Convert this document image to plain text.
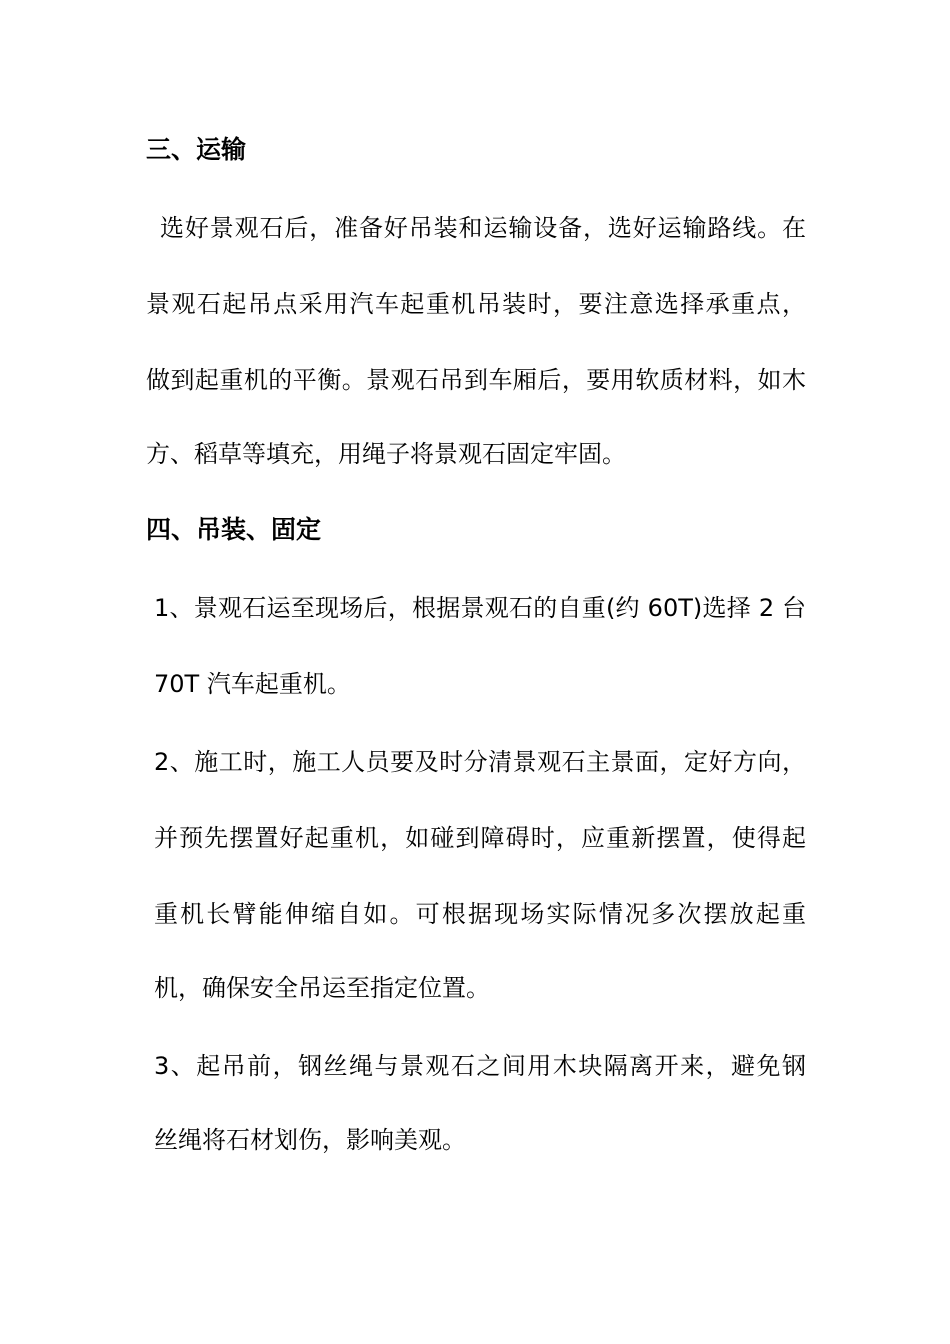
三、运输
选好景观石后，准备好吊装和运输设备，选好运输路线。在
景观石起吊点采用汽车起重机吊装时，要注意选择承重点，
做到起重机的平衡。景观石吊到车厢后，要用软质材料，如木
方、稻草等填充，用绳子将景观石固定牢固。
四、吊装、固定
1、景观石运至现场后，根据景观石的自重(约 60T)选择 2 台
70T 汽车起重机。
2、施工时，施工人员要及时分清景观石主景面，定好方向，
并预先摆置好起重机，如碰到障碍时，应重新摆置，使得起
重机长臂能伸缩自如。可根据现场实际情况多次摆放起重
机，确保安全吊运至指定位置。
3、起吊前，钢丝绳与景观石之间用木块隔离开来，避免钢
丝绳将石材划伤，影响美观。
